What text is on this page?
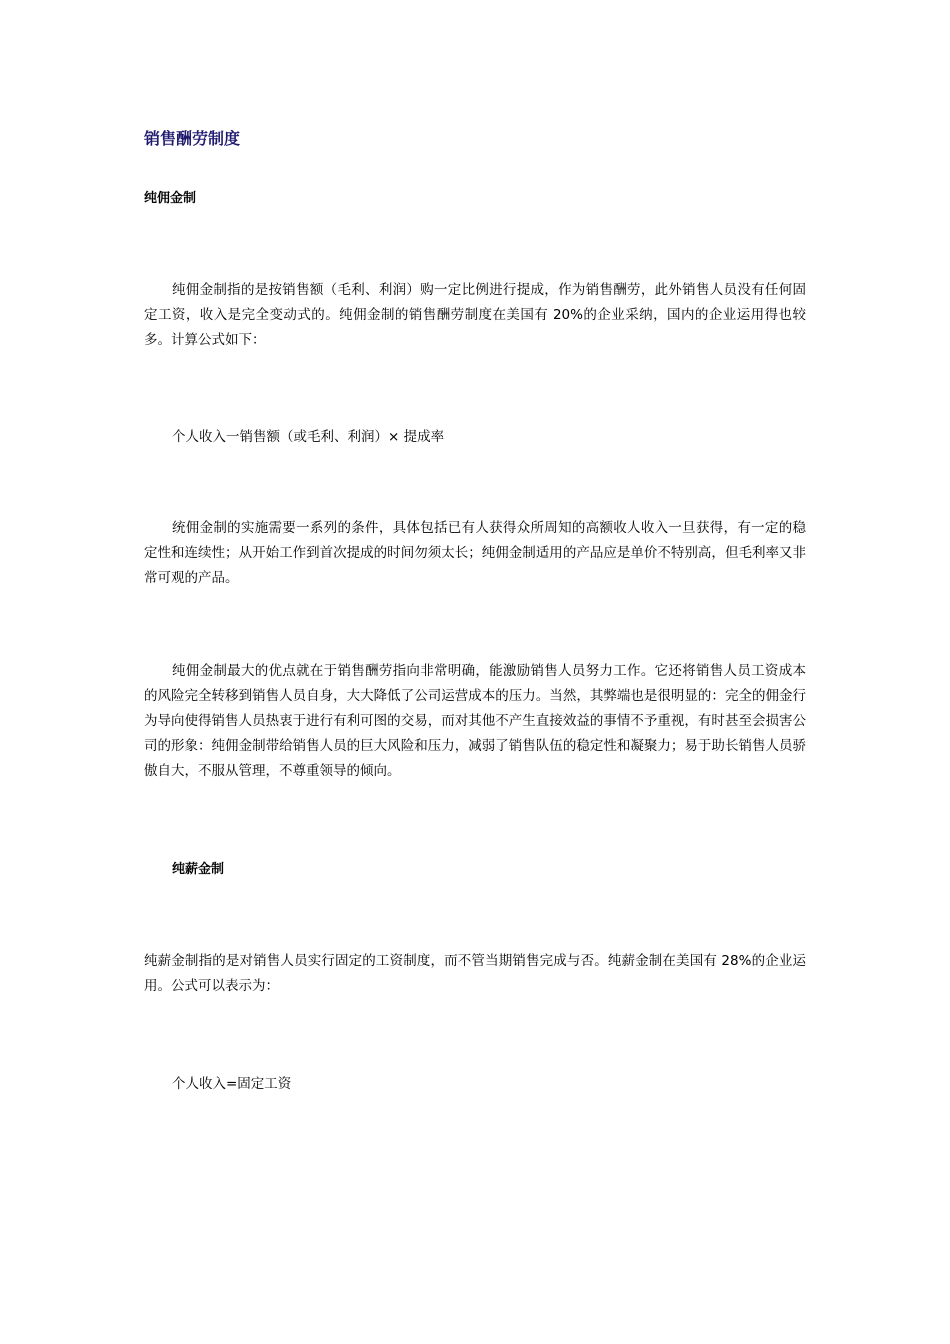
销售酬劳制度
纯佣金制

纯佣金制指的是按销售额（毛利、利润）购一定比例进行提成，作为销售酬劳，此外销售人员没有任何固定工资，收入是完全变动式的。纯佣金制的销售酬劳制度在美国有 20%的企业采纳，国内的企业运用得也较多。计算公式如下：

个人收入一销售额（或毛利、利润）× 提成率

统佣金制的实施需要一系列的条件，具体包括已有人获得众所周知的高额收人收入一旦获得，有一定的稳定性和连续性；从开始工作到首次提成的时间勿须太长；纯佣金制适用的产品应是单价不特别高，但毛利率又非常可观的产品。

纯佣金制最大的优点就在于销售酬劳指向非常明确，能激励销售人员努力工作。它还将销售人员工资成本的风险完全转移到销售人员自身，大大降低了公司运营成本的压力。当然，其弊端也是很明显的：完全的佣金行为导向使得销售人员热衷于进行有利可图的交易，而对其他不产生直接效益的事情不予重视，有时甚至会损害公司的形象：纯佣金制带给销售人员的巨大风险和压力，减弱了销售队伍的稳定性和凝聚力；易于助长销售人员骄傲自大，不服从管理，不尊重领导的倾向。

纯薪金制

纯薪金制指的是对销售人员实行固定的工资制度，而不管当期销售完成与否。纯薪金制在美国有 28%的企业运用。公式可以表示为：

个人收入=固定工资
